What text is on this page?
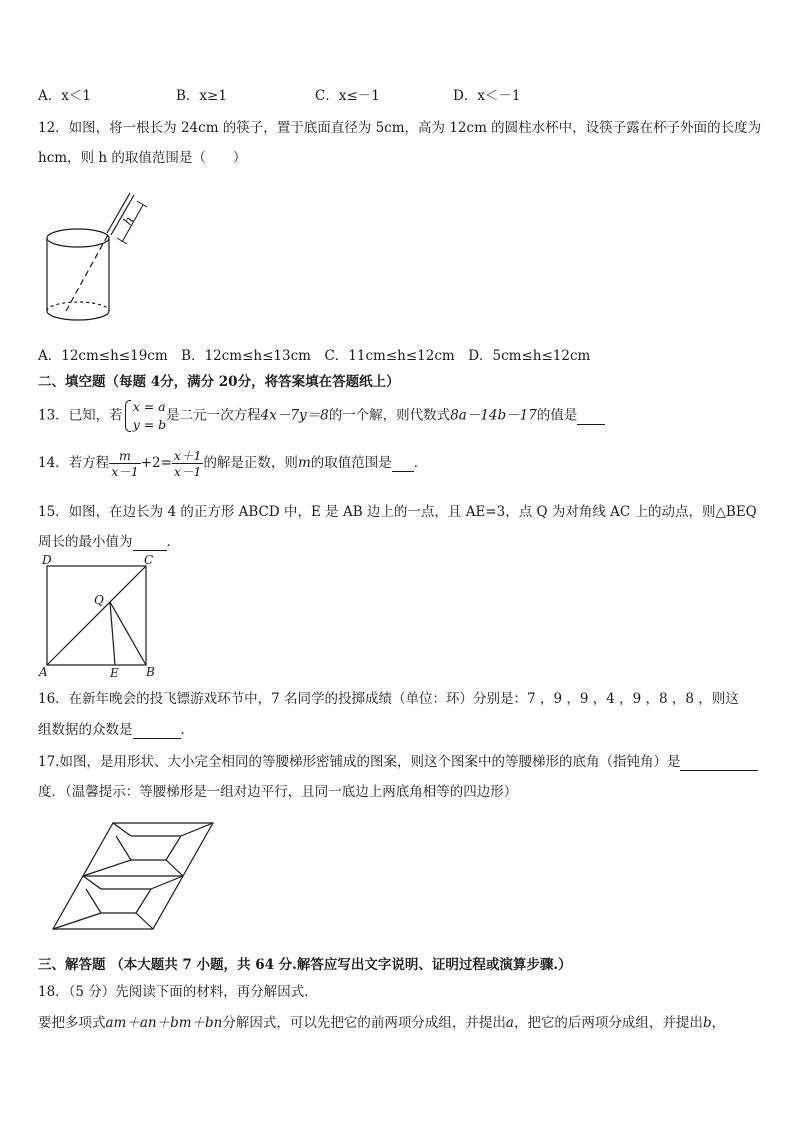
A．x＜1	B．x≥1	C．x≤－1	D．x＜－1
12．如图，将一根长为 24cm 的筷子，置于底面直径为 5cm，高为 12cm 的圆柱水杯中，设筷子露在杯子外面的长度为
hcm，则 h 的取值范围是（　　）
h
A．12cm≤h≤19cm　B．12cm≤h≤13cm　C．11cm≤h≤12cm　D．5cm≤h≤12cm
二、填空题（每题 4分，满分 20分，将答案填在答题纸上）
13．已知，若
x = a
y = b
是二元一次方程4x－7y＝8的一个解，则代数式8a－14b－17的值是
14．若方程 $\frac{m}{x-1} +2= \frac{x+1}{x-1}$ 的解是正数，则m的取值范围是 ．
15．如图，在边长为 4 的正方形 ABCD 中，E 是 AB 边上的一点，且 AE=3，点 Q 为对角线 AC 上的动点，则△BEQ
周长的最小值为	．
D	C
Q
A	E B
16．在新年晚会的投飞镖游戏环节中，7 名同学的投掷成绩（单位：环）分别是：7 ，9 ，9 ，4 ，9 ，8 ，8 ，则这
组数据的众数是	．
17.如图，是用形状、大小完全相同的等腰梯形密铺成的图案，则这个图案中的等腰梯形的底角（指钝角）是
度．（温馨提示：等腰梯形是一组对边平行，且同一底边上两底角相等的四边形）
三、解答题 （本大题共 7 小题，共 64 分.解答应写出文字说明、证明过程或演算步骤.）
18．（5 分）先阅读下面的材料，再分解因式．
要把多项式am＋an＋bm＋bn分解因式，可以先把它的前两项分成组，并提出a，把它的后两项分成组，并提出b，
